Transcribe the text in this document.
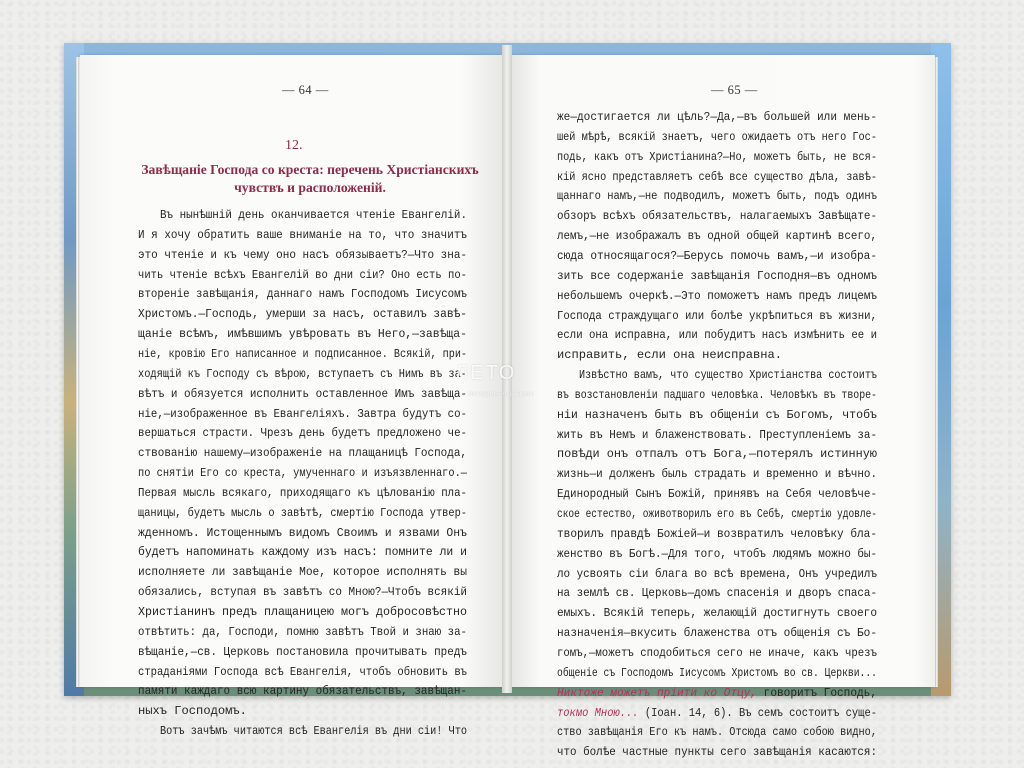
— 64 —	— 65 —
12.
Завѣщаніе Господа со креста: перечень Христіанскихъ
чувствъ и расположеній.
Въ нынѣшній день оканчивается чтеніе Евангелій.
И я хочу обратить ваше вниманіе на то, что значитъ
это чтеніе и къ чему оно насъ обязываетъ?—Что зна-
чить чтеніе всѣхъ Евангелій во дни сіи? Оно есть по-
втореніе завѣщанія, даннаго намъ Господомъ Іисусомъ
Христомъ.—Господь, умерши за насъ, оставилъ завѣ-
щаніе всѣмъ, имѣвшимъ увѣровать въ Него,—завѣща-
ніе, кровію Его написанное и подписанное. Всякій, при-
ходящій къ Господу съ вѣрою, вступаетъ съ Нимъ въ за-
вѣтъ и обязуется исполнить оставленное Имъ завѣща-
ніе,—изображенное въ Евангеліяхъ. Завтра будутъ со-
вершаться страсти. Чрезъ день будетъ предложено че-
ствованію нашему—изображеніе на плащаницѣ Господа,
по снятіи Его со креста, умученнаго и изъязвленнаго.—
Первая мысль всякаго, приходящаго къ цѣлованію пла-
щаницы, будетъ мысль о завѣтѣ, смертію Господа утвер-
жденномъ. Истощеннымъ видомъ Своимъ и язвами Онъ
будетъ напоминать каждому изъ насъ: помните ли и
исполняете ли завѣщаніе Мое, которое исполнять вы
обязались, вступая въ завѣтъ со Мною?—Чтобъ всякій
Христіанинъ предъ плащаницею могъ добросовѣстно
отвѣтить: да, Господи, помню завѣтъ Твой и знаю за-
вѣщаніе,—св. Церковь постановила прочитывать предъ
страданіями Господа всѣ Евангелія, чтобъ обновить въ
памяти каждаго всю картину обязательствъ, завѣщан-
ныхъ Господомъ.
Вотъ зачѣмъ читаются всѣ Евангелія въ дни сіи! Что
же—достигается ли цѣль?—Да,—въ большей или мень-
шей мѣрѣ, всякій знаетъ, чего ожидаетъ отъ него Гос-
подь, какъ отъ Христіанина?—Но, можетъ быть, не вся-
кій ясно представляетъ себѣ все существо дѣла, завѣ-
щаннаго намъ,—не подводилъ, можетъ быть, подъ одинъ
обзоръ всѣхъ обязательствъ, налагаемыхъ Завѣщате-
лемъ,—не изображалъ въ одной общей картинѣ всего,
сюда относящагося?—Берусь помочь вамъ,—и изобра-
зить все содержаніе завѣщанія Господня—въ одномъ
небольшемъ очеркѣ.—Это поможетъ намъ предъ лицемъ
Господа страждущаго или болѣе укрѣпиться въ жизни,
если она исправна, или побудитъ насъ измѣнить ее и
исправить, если она неисправна.
Извѣстно вамъ, что существо Христіанства состоитъ
въ возстановленіи падшаго человѣка. Человѣкъ въ творе-
ніи назначенъ быть въ общеніи съ Богомъ, чтобъ
жить въ Немъ и блаженствовать. Преступленіемъ за-
повѣди онъ отпалъ отъ Бога,—потерялъ истинную
жизнь—и долженъ быль страдать и временно и вѣчно.
Единородный Сынъ Божій, принявъ на Себя человѣче-
ское естество, оживотворилъ его въ Себѣ, смертію удовле-
творилъ правдѣ Божіей—и возвратилъ человѣку бла-
женство въ Богѣ.—Для того, чтобъ людямъ можно бы-
ло усвоять сіи блага во всѣ времена, Онъ учредилъ
на землѣ св. Церковь—домъ спасенія и дворъ спаса-
емыхъ. Всякій теперь, желающій достигнуть своего
назначенія—вкусить блаженства отъ общенія съ Бо-
гомъ,—можетъ сподобиться сего не иначе, какъ чрезъ
общеніе съ Господомъ Іисусомъ Христомъ во св. Церкви...
Никтоже можетъ пріити ко Отцу, говоритъ Господь,
токмо Мною... (Іоан. 14, 6). Въ семъ состоитъ суще-
ство завѣщанія Его къ намъ. Отсюда само собою видно,
что болѣе частные пункты сего завѣщанія касаются:
ЛЕТО
интернет-магазин
